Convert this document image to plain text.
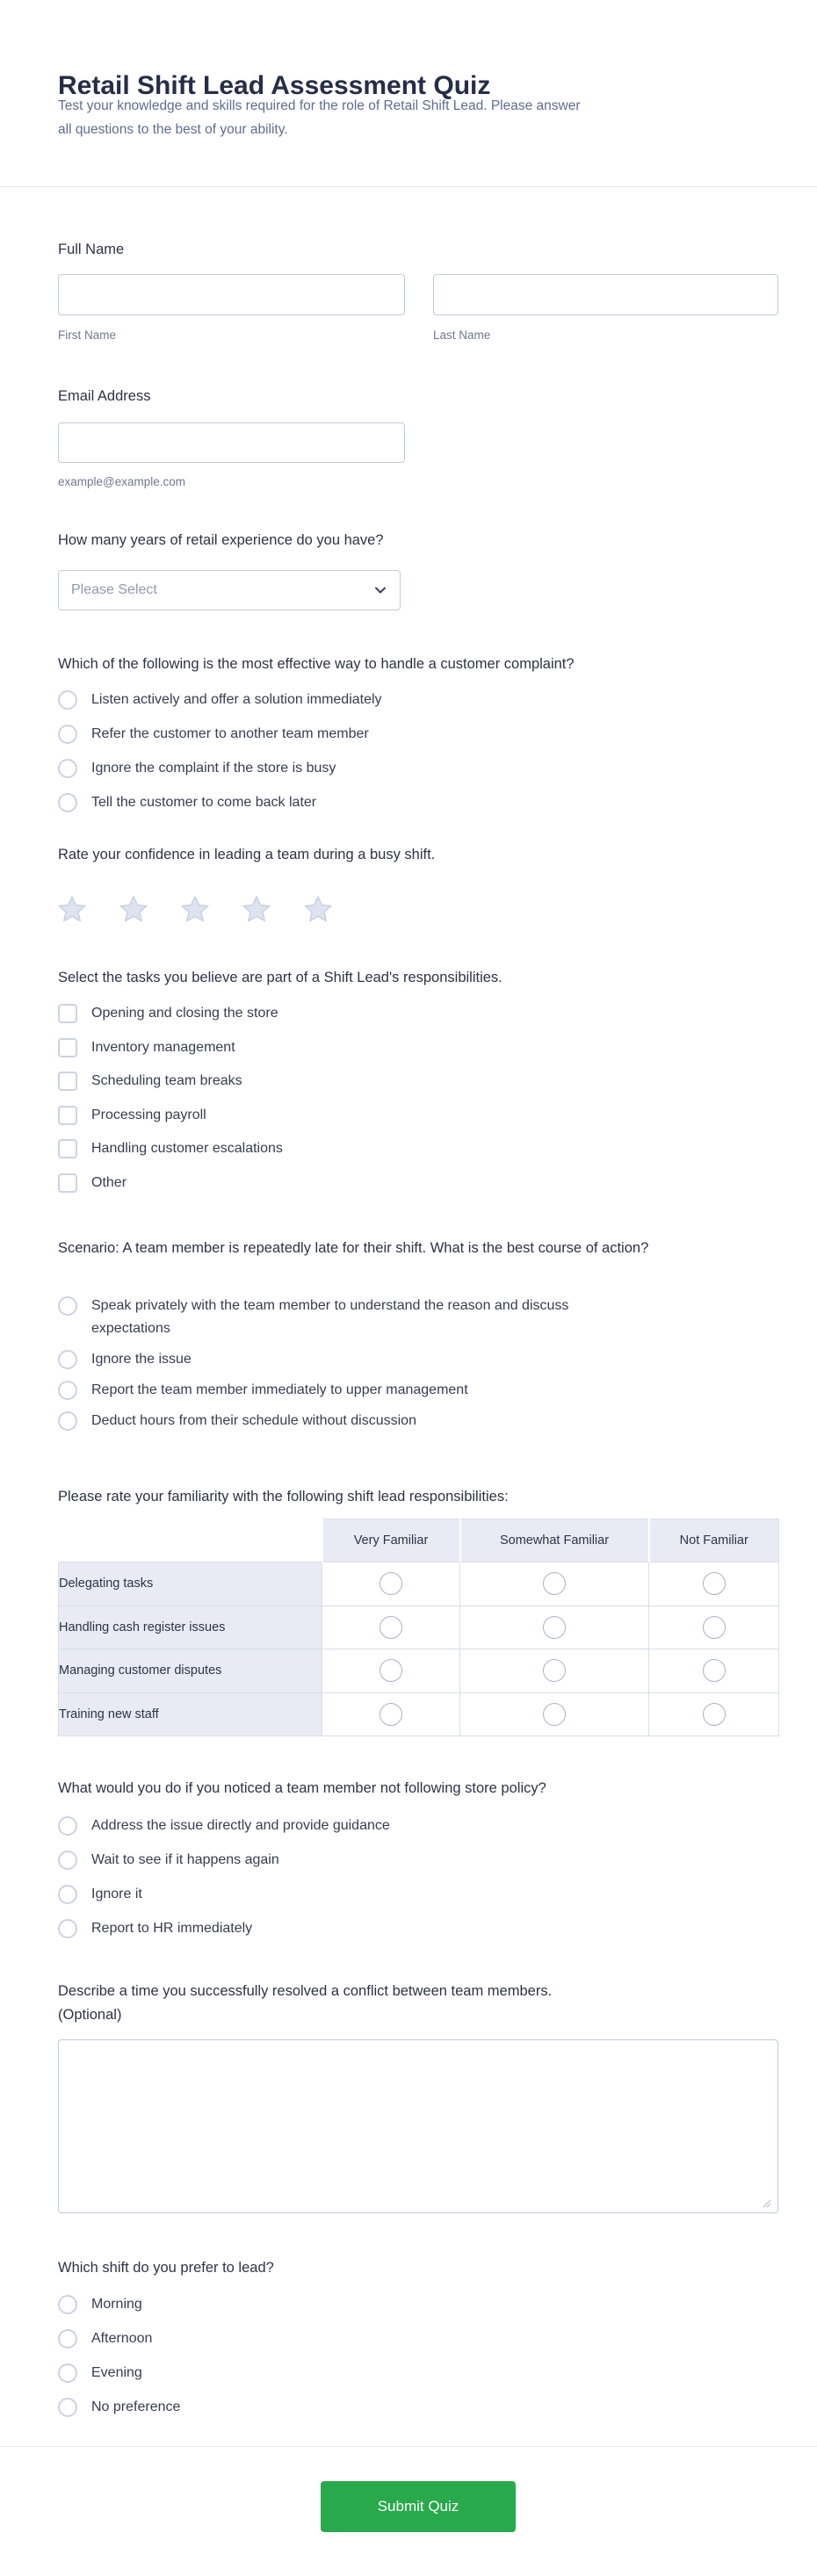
Retail Shift Lead Assessment Quiz
Test your knowledge and skills required for the role of Retail Shift Lead. Please answer all questions to the best of your ability.
Full Name
First Name	Last Name
Email Address
example@example.com
How many years of retail experience do you have?
Please Select
Which of the following is the most effective way to handle a customer complaint?
Listen actively and offer a solution immediately
Refer the customer to another team member
Ignore the complaint if the store is busy
Tell the customer to come back later
Rate your confidence in leading a team during a busy shift.
Select the tasks you believe are part of a Shift Lead's responsibilities.
Opening and closing the store
Inventory management
Scheduling team breaks
Processing payroll
Handling customer escalations
Other
Scenario: A team member is repeatedly late for their shift. What is the best course of action?
Speak privately with the team member to understand the reason and discuss expectations
Ignore the issue
Report the team member immediately to upper management
Deduct hours from their schedule without discussion
Please rate your familiarity with the following shift lead responsibilities:
	Very Familiar	Somewhat Familiar	Not Familiar
Delegating tasks			
Handling cash register issues			
Managing customer disputes			
Training new staff			
What would you do if you noticed a team member not following store policy?
Address the issue directly and provide guidance
Wait to see if it happens again
Ignore it
Report to HR immediately
Describe a time you successfully resolved a conflict between team members. (Optional)
Which shift do you prefer to lead?
Morning
Afternoon
Evening
No preference
Submit Quiz
